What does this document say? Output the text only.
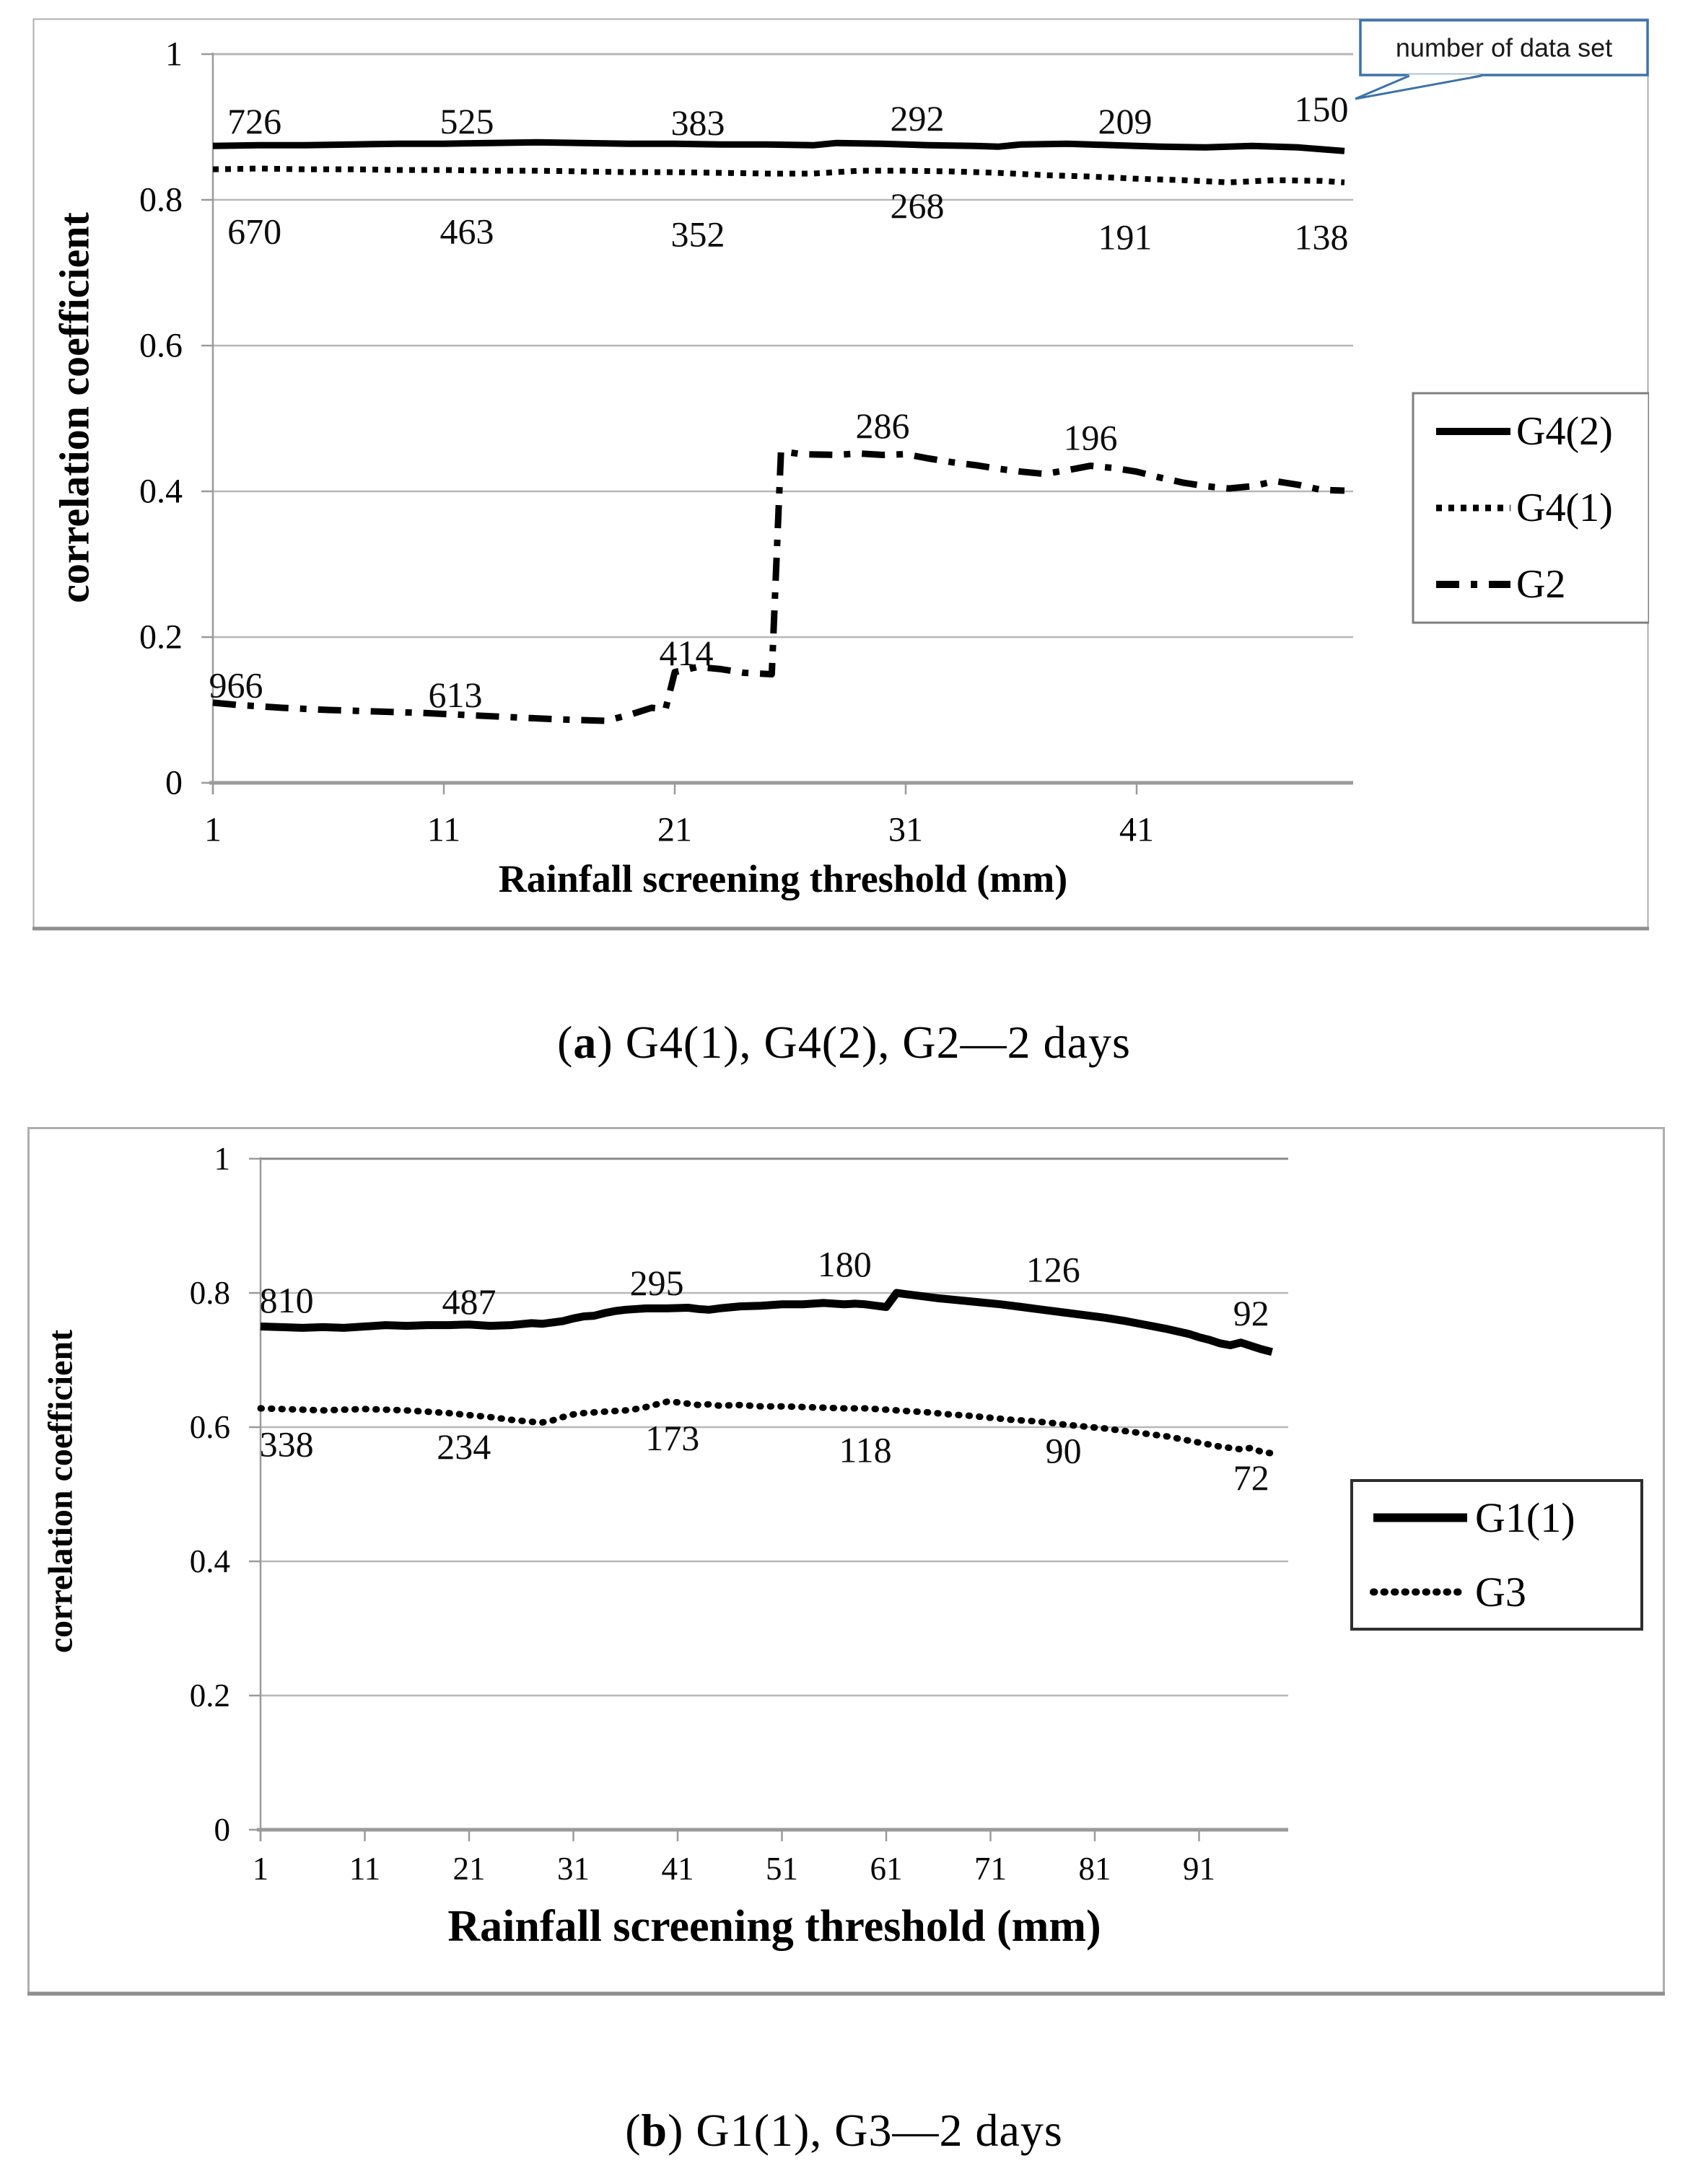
0
0.2
0.4
0.6
0.8
1
1	11	21	31	41
726	525	383	292	209	150
670	463	352
268
191	138
966	613
414
286	196
Rainfall screening threshold (mm)
correlation coefficient	G4(2)
G4(1)
G2
number of data set
(a) G4(1), G4(2), G2—2 days
0
0.2
0.4
0.6
0.8
1
1 11 21 31 41 51 61 71 81 91
810	487	295	180	126
92
338	234	173	118	90
72
Rainfall screening threshold (mm)
correlation coefficient	G1(1)
G3
(b) G1(1), G3—2 days
